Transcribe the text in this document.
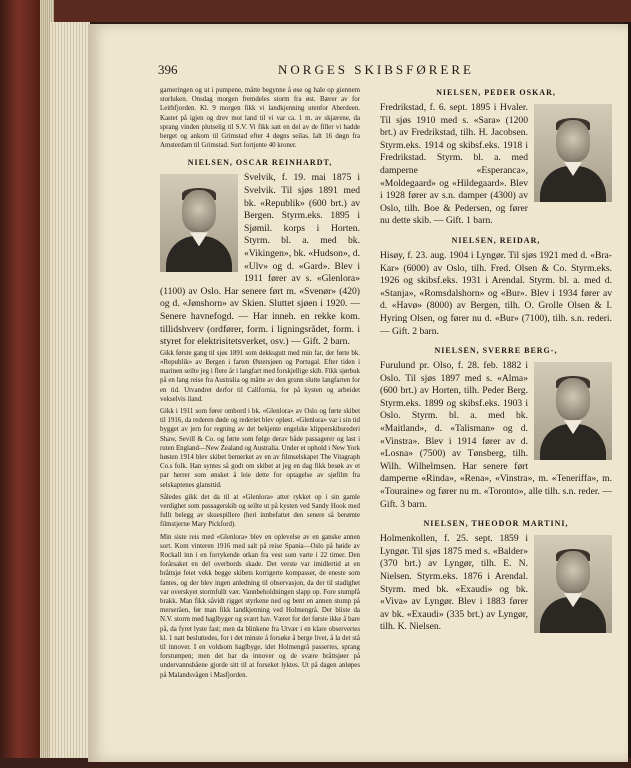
396	NORGES SKIBSFØRERE

garneringen og ut i pumpene, måtte begynne å øse og hale op giennem storluken. Onsdag morgen fremdeles storm fra øst. Bærer av for Leithfjorden. Kl. 9 morgen fikk vi landkjenning utenfor Aberdeen. Kastet på igjen og drev mot land til vi var ca. 1 m. av skjærene, da sprang vinden plutselig til S.V. Vi fikk satt en del av de filler vi hadde berget og ankom til Grimstad efter 4 døgns seilas. Ialt 16 døgn fra Amsterdam til Grimstad. Surt fortjente 40 kroner.

NIELSEN, OSCAR REINHARDT,

Svelvik, f. 19. mai 1875 i Svelvik. Til sjøs 1891 med bk. «Republik» (600 brt.) av Bergen. Styrm.eks. 1895 i Sjømil. korps i Horten. Styrm. bl. a. med bk. «Vikingen», bk. «Hudson», d. «Ulv» og d. «Gard». Blev i 1911 fører av s. «Glenlora» (1100) av Oslo. Har senere ført m. «Svenør» (420) og d. «Jønshorn» av Skien. Sluttet sjøen i 1920. — Senere havnefogd. — Har inneh. en rekke kom. tillidshverv (ordfører, form. i ligningsrådet, form. i styret for elektrisitetsverket, osv.) — Gift. 2 barn.

Gikk første gang til sjøs 1891 som dekksgutt med min far, der førte bk. «Republik» av Bergen i farten Østersjøen og Portugal. Efter tiden i marinen seilte jeg i flere år i langfart med forskjellige skib. Fikk sjørbuk på en lang reise fra Australia og måtte av den grunn slutte langfarten for en tid. Utvandret derfor til California, for på kysten og arbeidet vekselvis iland.

Gikk i 1911 som fører ombord i bk. «Glenlora» av Oslo og førte skibet til 1916, da rederen døde og rederiet blev opløst. «Glenlora» var i sin tid bygget av jern for regning av det bekjente engelske klipperskibsrederi Shaw, Sevill & Co. og førte som følge derav både passagerer og last i ruten England—New Zealand og Australia. Under et ophold i New York høsten 1914 blev skibet bemerket av en av filmselskapet The Vitagraph Co.s folk. Han syntes så godt om skibet at jeg en dag fikk besøk av et par herrer som ønsket å leie dette for optagelse av sjøfilm fra selskaptenes glansttid.

Således gikk det da til at «Glenlora» atter rykket op i sin gamle verdighet som passagerskib og seilte ut på kysten ved Sandy Hook med fullt belegg av skuespillere (heri innbefattet den senere så berømte filmstjerne Mary Pickford).

Min siste reis med «Glenlora» blev en oplevelse av en ganske annen sort. Kom vinteren 1916 med salt på reise Spania—Oslo på høide av Rockall inn i en forrykende orkan fra vest som varte i 22 timer. Den forårsaket en del overbords skade. Det verste var imidlertid at en bråttsjø feiet vekk begge skibets korrigerte kompasser, de eneste som fantes, og der blev ingen anledning til observasjon, da der til stadighet var overskyet stormfullt vær. Vannbeholdningen slapp op. Fore stumpfå brakk. Man fikk såvidt rigget styrkene ned og bent en annen stump på merseråen, før man fikk landkjenning ved Holmengrå. Der bliste da N.V. storm med haglbyger og svært hav. Været for det første ikke å bare på, da fyret lyste fast; men da blinkene fra Utvær i en klare observertes kl. 1 natt besluttedes, for i det minste å forsøke å berge livet, å la det stå til innover. I en voldsom haglbyge, idet Holmengrå passertes, sprang forstumpen; men det bar da innover og de svære bråttsjøer på undervannsbåene gjorde sitt til at forseket lyktes. Ut på dagen anløpes på Malandsvågen i Masfjorden.

NIELSEN, PEDER OSKAR,

Fredrikstad, f. 6. sept. 1895 i Hvaler. Til sjøs 1910 med s. «Sara» (1200 brt.) av Fredrikstad, tilh. H. Jacobsen. Styrm.eks. 1914 og skibsf.eks. 1918 i Fredrikstad. Styrm. bl. a. med damperne «Esperanca», «Moldegaard» og «Hildegaard». Blev i 1928 fører av s.n. damper (4300) av Oslo, tilh. Boe & Pedersen, og fører nu dette skib. — Gift. 1 barn.

NIELSEN, REIDAR,

Hisøy, f. 23. aug. 1904 i Lyngør. Til sjøs 1921 med d. «Bra-Kar» (6000) av Oslo, tilh. Fred. Olsen & Co. Styrm.eks. 1926 og skibsf.eks. 1931 i Arendal. Styrm. bl. a. med d. «Stanja», «Romsdalshorn» og «Bur». Blev i 1934 fører av d. «Havø» (8000) av Bergen, tilh. O. Grolle Olsen & I. Hyring Olsen, og fører nu d. «Bur» (7100), tilh. s.n. rederi. — Gift. 2 barn.

NIELSEN, SVERRE BERG-,

Furulund pr. Olso, f. 28. feb. 1882 i Oslo. Til sjøs 1897 med s. «Alma» (600 brt.) av Horten, tilh. Peder Berg. Styrm.eks. 1899 og skibsf.eks. 1903 i Oslo. Styrm. bl. a. med bk. «Maitland», d. «Talisman» og d. «Vinstra». Blev i 1914 fører av d. «Losna» (7500) av Tønsberg, tilh. Wilh. Wilhelmsen. Har senere ført damperne «Rinda», «Rena», «Vinstra», m. «Teneriffa», m. «Touraine» og fører nu m. «Toronto», alle tilh. s.n. reder. — Gift. 3 barn.

NIELSEN, THEODOR MARTINI,

Holmenkollen, f. 25. sept. 1859 i Lyngør. Til sjøs 1875 med s. «Balder» (370 brt.) av Lyngør, tilh. E. N. Nielsen. Styrm.eks. 1876 i Arendal. Styrm. med bk. «Exaudi» og bk. «Viva» av Lyngør. Blev i 1883 fører av bk. «Exaudi» (335 brt.) av Lyngør, tilh. K. Nielsen.
